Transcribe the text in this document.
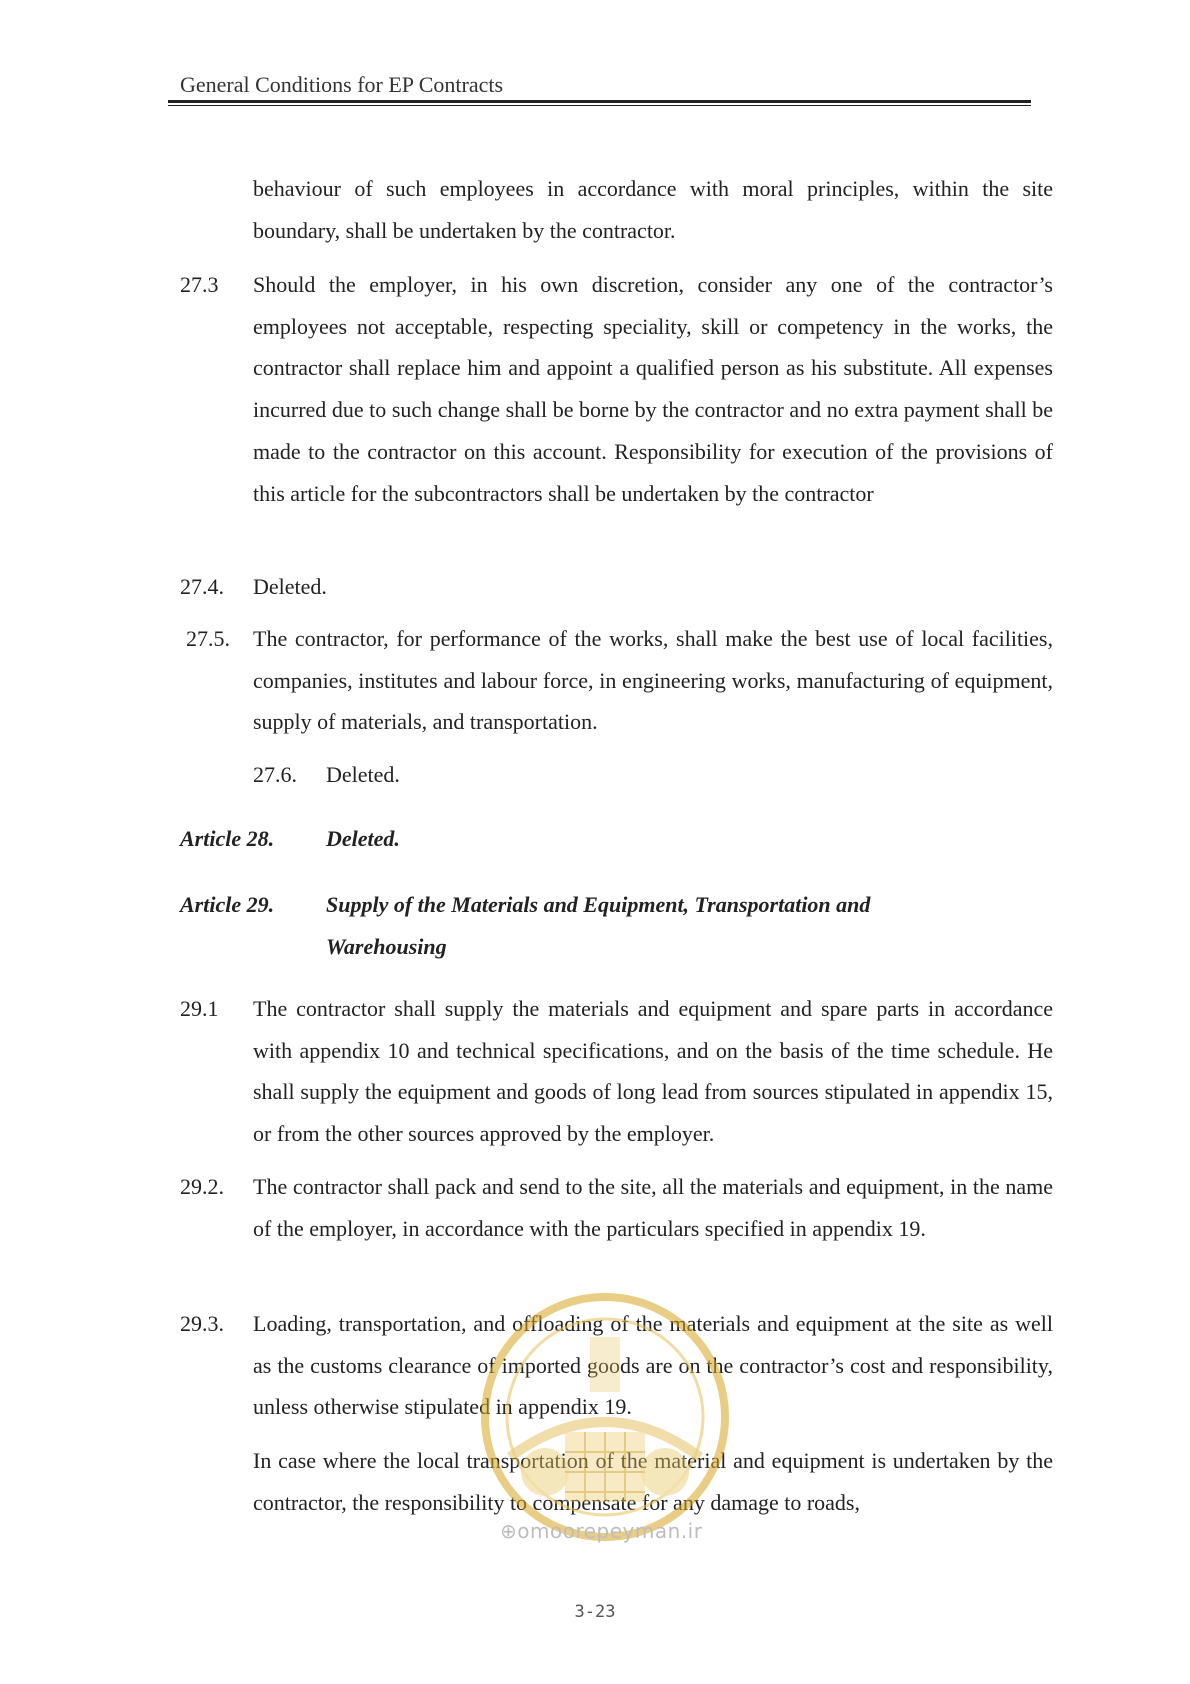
General Conditions for EP Contracts
behaviour of such employees in accordance with moral principles, within the site boundary, shall be undertaken by the contractor.
27.3 Should the employer, in his own discretion, consider any one of the contractor’s employees not acceptable, respecting speciality, skill or competency in the works, the contractor shall replace him and appoint a qualified person as his substitute. All expenses incurred due to such change shall be borne by the contractor and no extra payment shall be made to the contractor on this account. Responsibility for execution of the provisions of this article for the subcontractors shall be undertaken by the contractor
27.4. Deleted.
27.5. The contractor, for performance of the works, shall make the best use of local facilities, companies, institutes and labour force, in engineering works, manufacturing of equipment, supply of materials, and transportation.
27.6. Deleted.
Article 28. Deleted.
Article 29. Supply of the Materials and Equipment, Transportation and Warehousing
29.1 The contractor shall supply the materials and equipment and spare parts in accordance with appendix 10 and technical specifications, and on the basis of the time schedule. He shall supply the equipment and goods of long lead from sources stipulated in appendix 15, or from the other sources approved by the employer.
29.2. The contractor shall pack and send to the site, all the materials and equipment, in the name of the employer, in accordance with the particulars specified in appendix 19.
29.3. Loading, transportation, and offloading of the materials and equipment at the site as well as the customs clearance of imported goods are on the contractor’s cost and responsibility, unless otherwise stipulated in appendix 19.
In case where the local transportation of the material and equipment is undertaken by the contractor, the responsibility to compensate for any damage to roads,
⊕omoorepeyman.ir
3-23
